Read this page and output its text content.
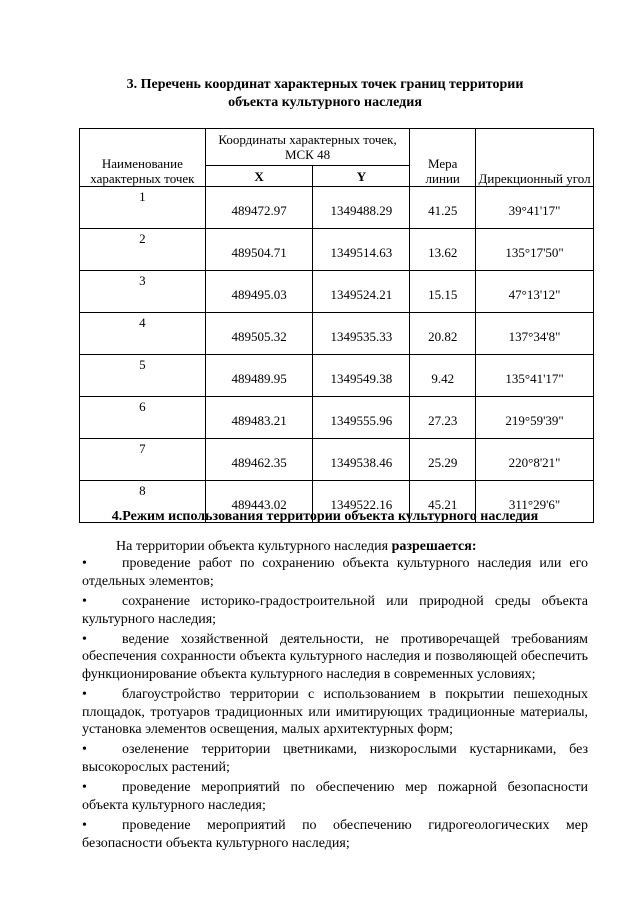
3. Перечень координат характерных точек границ территории
объекта культурного наследия
Наименование характерных точек	Координаты характерных точек, МСК 48		Мера линии	Дирекционный угол
	X	Y		
1	489472.97	1349488.29	41.25	39°41'17"
2	489504.71	1349514.63	13.62	135°17'50"
3	489495.03	1349524.21	15.15	47°13'12"
4	489505.32	1349535.33	20.82	137°34'8"
5	489489.95	1349549.38	9.42	135°41'17"
6	489483.21	1349555.96	27.23	219°59'39"
7	489462.35	1349538.46	25.29	220°8'21"
8	489443.02	1349522.16	45.21	311°29'6"
4.Режим использования территории объекта культурного наследия
На территории объекта культурного наследия разрешается:

•	проведение работ по сохранению объекта культурного наследия или его отдельных элементов;

•	сохранение историко-градостроительной или природной среды объекта культурного наследия;

•	ведение хозяйственной деятельности, не противоречащей требованиям обеспечения сохранности объекта культурного наследия и позволяющей обеспечить функционирование объекта культурного наследия в современных условиях;

•	благоустройство территории с использованием в покрытии пешеходных площадок, тротуаров традиционных или имитирующих традиционные материалы, установка элементов освещения, малых архитектурных форм;

•	озеленение территории цветниками, низкорослыми кустарниками, без высокорослых растений;

•	проведение мероприятий по обеспечению мер пожарной безопасности объекта культурного наследия;

•	проведение мероприятий по обеспечению гидрогеологических мер безопасности объекта культурного наследия;
